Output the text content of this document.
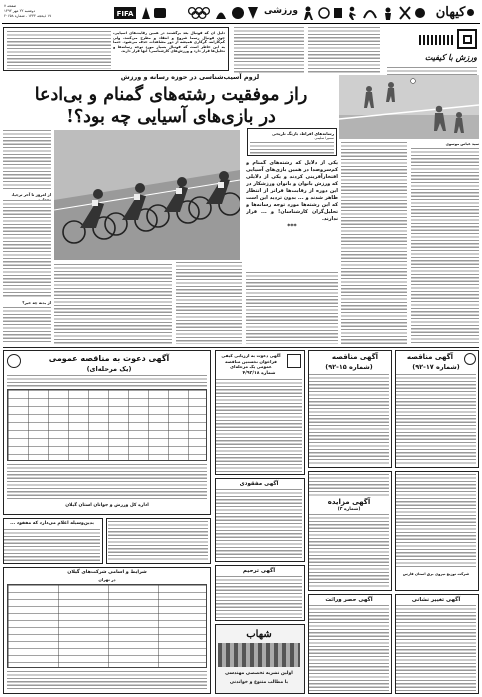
کیهان
ورزشی
FIFA
صفحه ۷
دوشنبه ۲۲ مهر ۱۳۹۲
۱۷ ذیحجه ۱۴۳۴ - شماره ۲۰۶۵۸
ورزش با کیفیت
دلیل آن که فوتبال بعد برگشتند در همین رقابت‌های آسیایی، چون فوتبال رسما شروع و انتقاد و مطرح می‌کنند، ولی کم‌کارانه، گرکاری همیشه از دور مشاهدات حذف می‌شود. حتما به این خاطر است که فوتبال بسیار مورد توجه رسانه‌ها و تحلیل‌ها قرار دارد و ورزش‌های کارشناسی! آنها قرار دارند.
لزوم آسیب‌شناسی در حوزه رسانه و ورزش
راز موفقیت رشته‌های گمنام و بی‌ادعا
در بازی‌های آسیایی چه بود؟!
سید عباس موسوی
رسانه‌های افراط، بازنگ تاریخی
سمیرا سلیمی
یکی از دلایل که رشته‌های گمنام و کم‌سروصدا در همین بازی‌های آسیایی افتخارآفرینی کردند و یکی از دلایلی که ورزش بانوان و بانوان ورزشکار در این دوره از رقابت‌ها فراتر از انتظار ظاهر شدند و ... بدون تردید این است که این رشته‌ها مورد توجه رسانه‌ها و تحلیل‌گران کارشناسان! و ... قرار ندارند.
***
از امروز تا آخر ترجیا،
از بدنه چه خبر؟
آگهی مناقصه
(شماره ۱۷-۹۲)
آگهی مناقصه
(شماره ۱۵-۹۲)
آگهی دعوت به ارزیابی کیفی فراخوان نخستین مناقصه عمومی یک مرحله‌ای
شماره ۴/۹۲/۱۸
آگهی دعوت به مناقصه عمومی
(یک مرحله‌ای)
اداره کل ورزش و جوانان استان گیلان	آگهی مزایده
(شماره ۳)
شرکت توزیع نیروی برق استان فارس
آگهی تغییر نشانی
آگهی حصر وراثت
آگهی مفقودی
آگهی ترحیم
شهاب
اولین نشریه تخصصی مهندسی
با مطالب متنوع و خواندنی
بدین‌وسیله اعلام می‌دارد که مفقود ...
شرایط و اسامی شرکت‌های گیلان
در تهران
